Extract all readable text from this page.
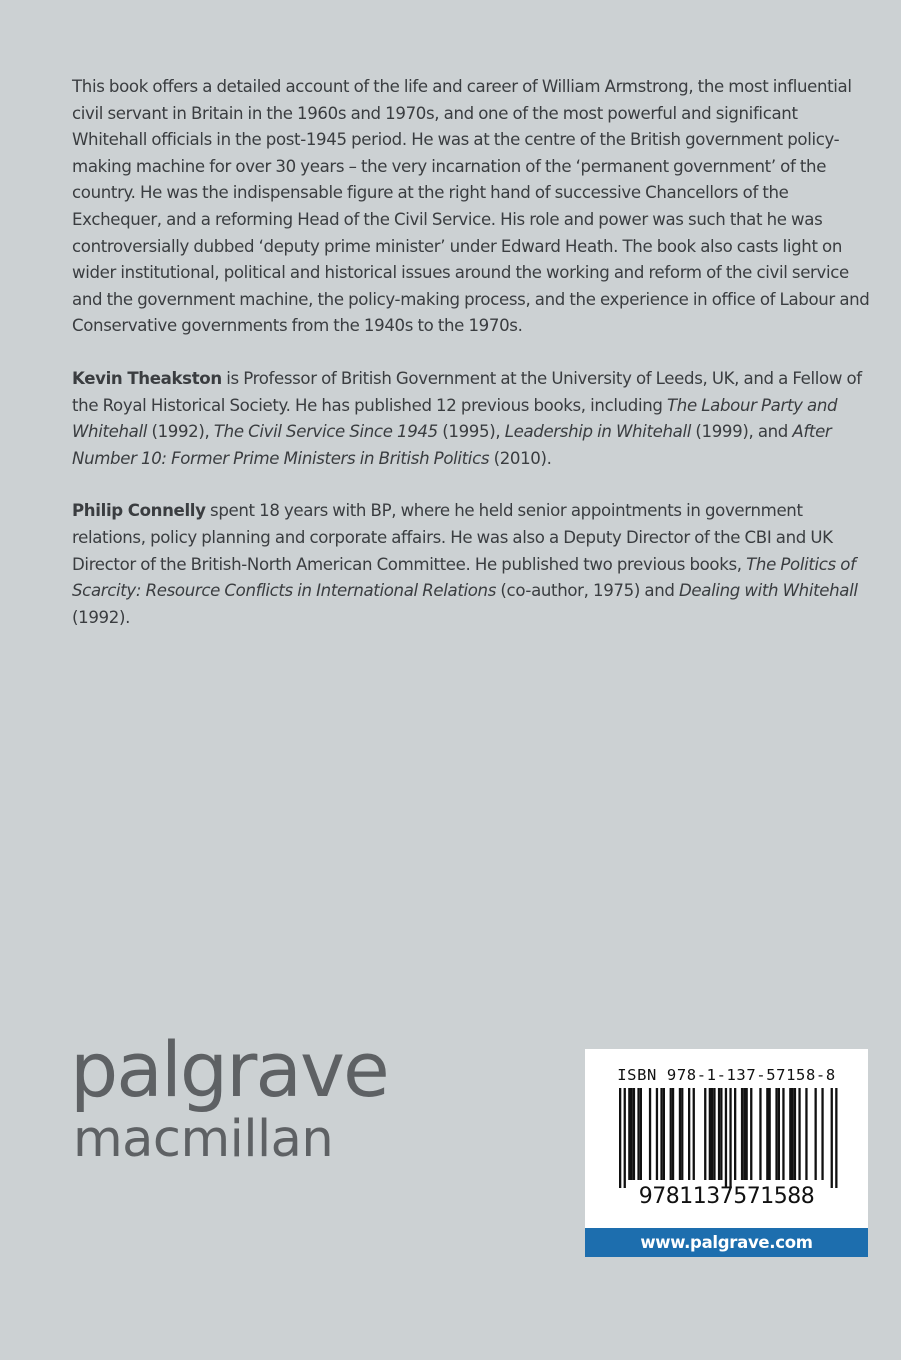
This book offers a detailed account of the life and career of William Armstrong, the most influential civil servant in Britain in the 1960s and 1970s, and one of the most powerful and significant Whitehall officials in the post-1945 period. He was at the centre of the British government policy-making machine for over 30 years – the very incarnation of the ‘permanent government’ of the country. He was the indispensable figure at the right hand of successive Chancellors of the Exchequer, and a reforming Head of the Civil Service. His role and power was such that he was controversially dubbed ‘deputy prime minister’ under Edward Heath. The book also casts light on wider institutional, political and historical issues around the working and reform of the civil service and the government machine, the policy-making process, and the experience in office of Labour and Conservative governments from the 1940s to the 1970s.

Kevin Theakston is Professor of British Government at the University of Leeds, UK, and a Fellow of the Royal Historical Society. He has published 12 previous books, including The Labour Party and Whitehall (1992), The Civil Service Since 1945 (1995), Leadership in Whitehall (1999), and After Number 10: Former Prime Ministers in British Politics (2010).

Philip Connelly spent 18 years with BP, where he held senior appointments in government relations, policy planning and corporate affairs. He was also a Deputy Director of the CBI and UK Director of the British-North American Committee. He published two previous books, The Politics of Scarcity: Resource Conflicts in International Relations (co-author, 1975) and Dealing with Whitehall (1992).

palgrave
macmillan
ISBN 978-1-137-57158-8
9781137571588
www.palgrave.com
